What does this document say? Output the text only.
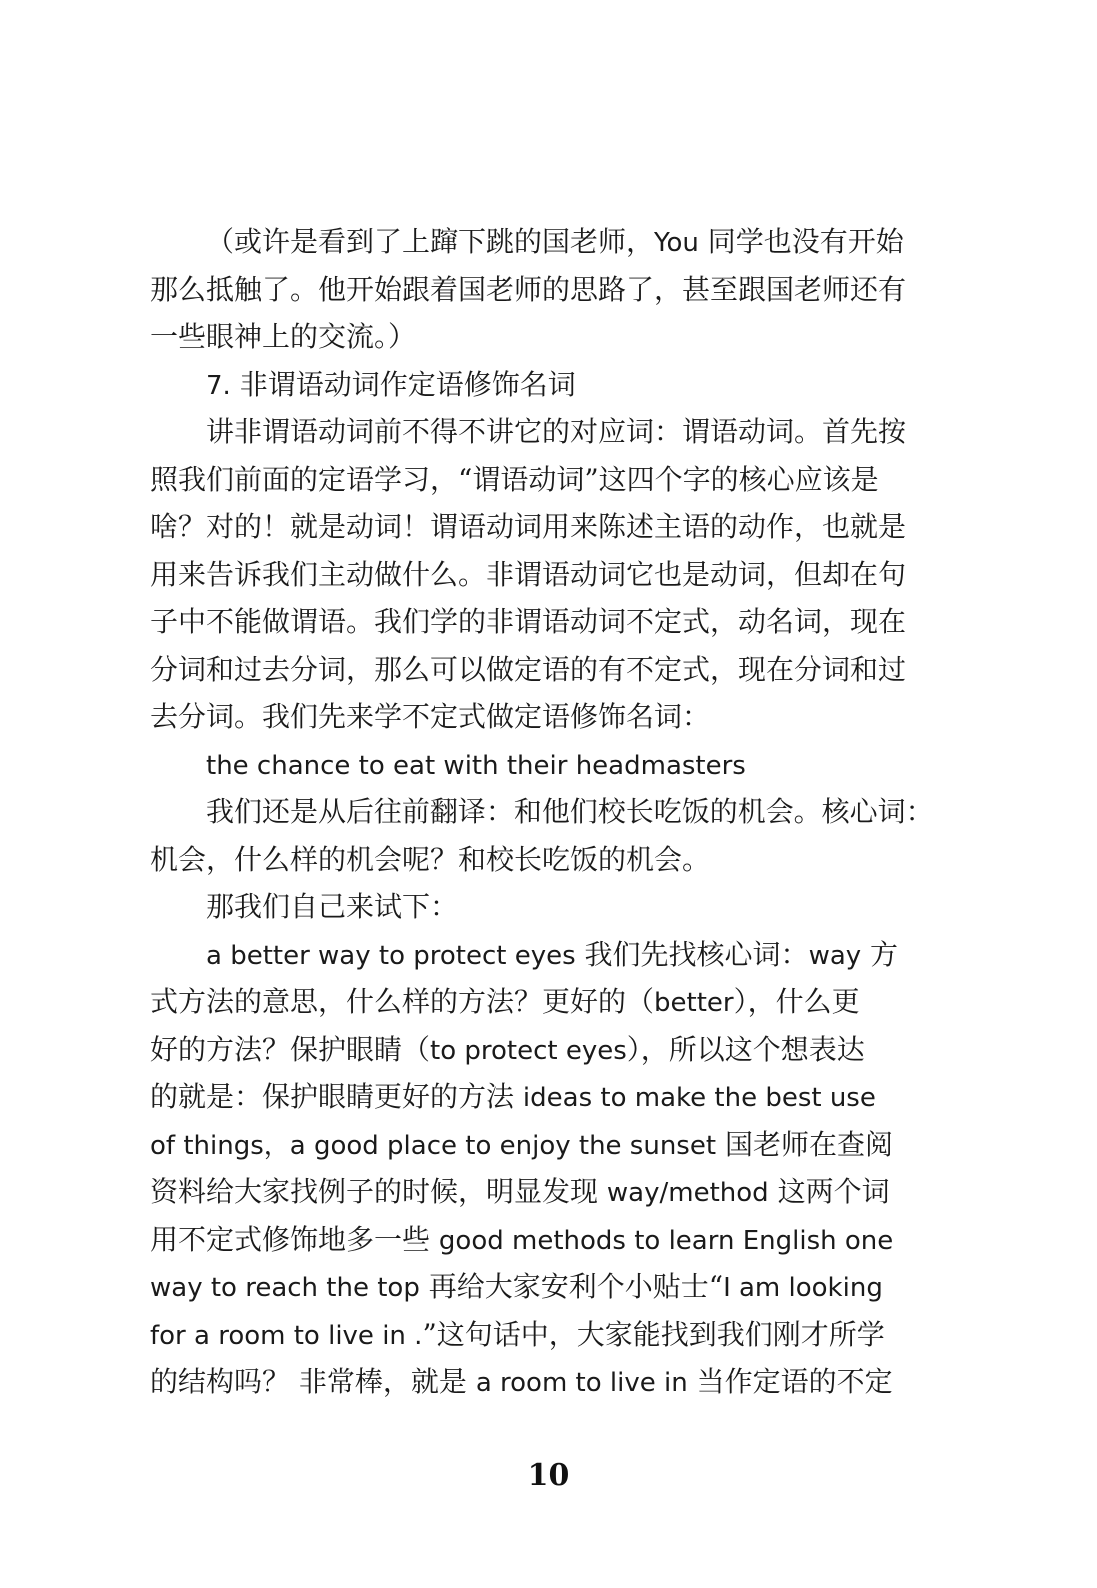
（或许是看到了上蹿下跳的国老师，You 同学也没有开始
那么抵触了。他开始跟着国老师的思路了，甚至跟国老师还有
一些眼神上的交流。）
7. 非谓语动词作定语修饰名词
讲非谓语动词前不得不讲它的对应词：谓语动词。首先按
照我们前面的定语学习，“谓语动词”这四个字的核心应该是
啥？对的！就是动词！谓语动词用来陈述主语的动作，也就是
用来告诉我们主动做什么。非谓语动词它也是动词，但却在句
子中不能做谓语。我们学的非谓语动词不定式，动名词，现在
分词和过去分词，那么可以做定语的有不定式，现在分词和过
去分词。我们先来学不定式做定语修饰名词：
the chance to eat with their headmasters
我们还是从后往前翻译：和他们校长吃饭的机会。核心词：
机会，什么样的机会呢？和校长吃饭的机会。
那我们自己来试下：
a better way to protect eyes 我们先找核心词：way 方
式方法的意思，什么样的方法？更好的（better），什么更
好的方法？保护眼睛（to protect eyes），所以这个想表达
的就是：保护眼睛更好的方法 ideas to make the best use
of things，a good place to enjoy the sunset 国老师在查阅
资料给大家找例子的时候，明显发现 way/method 这两个词
用不定式修饰地多一些 good methods to learn English one
way to reach the top 再给大家安利个小贴士“I am looking
for a room to live in .”这句话中，大家能找到我们刚才所学
的结构吗？ 非常棒，就是 a room to live in 当作定语的不定
10
